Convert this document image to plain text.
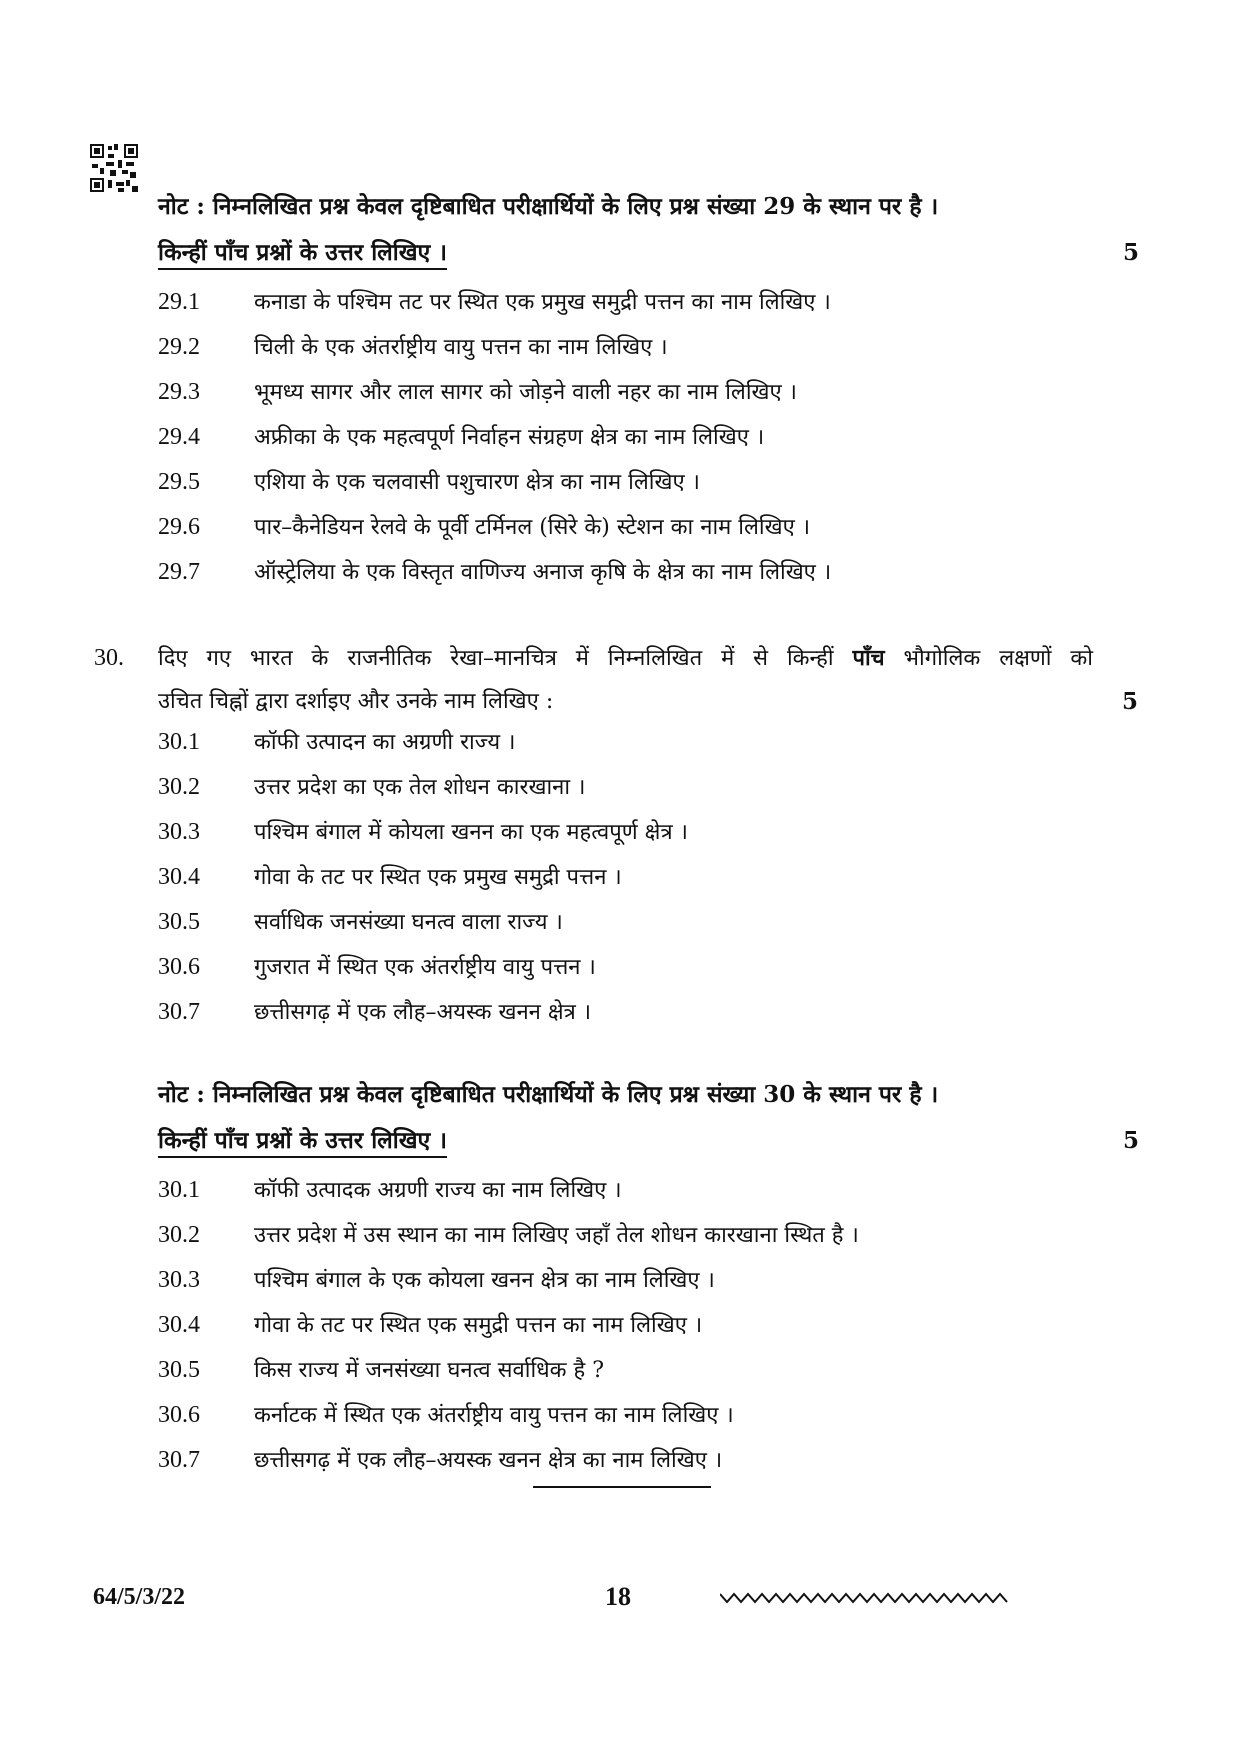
नोट : निम्नलिखित प्रश्न केवल दृष्टिबाधित परीक्षार्थियों के लिए प्रश्न संख्या 29 के स्थान पर है ।
किन्हीं पाँच प्रश्नों के उत्तर लिखिए ।	5
29.1	कनाडा के पश्चिम तट पर स्थित एक प्रमुख समुद्री पत्तन का नाम लिखिए ।
29.2	चिली के एक अंतर्राष्ट्रीय वायु पत्तन का नाम लिखिए ।
29.3	भूमध्य सागर और लाल सागर को जोड़ने वाली नहर का नाम लिखिए ।
29.4	अफ्रीका के एक महत्वपूर्ण निर्वाहन संग्रहण क्षेत्र का नाम लिखिए ।
29.5	एशिया के एक चलवासी पशुचारण क्षेत्र का नाम लिखिए ।
29.6	पार–कैनेडियन रेलवे के पूर्वी टर्मिनल (सिरे के) स्टेशन का नाम लिखिए ।
29.7	ऑस्ट्रेलिया के एक विस्तृत वाणिज्य अनाज कृषि के क्षेत्र का नाम लिखिए ।
30. दिए गए भारत के राजनीतिक रेखा–मानचित्र में निम्नलिखित में से किन्हीं पाँच भौगोलिक लक्षणों को
उचित चिह्नों द्वारा दर्शाइए और उनके नाम लिखिए :	5
30.1	कॉफी उत्पादन का अग्रणी राज्य ।
30.2	उत्तर प्रदेश का एक तेल शोधन कारखाना ।
30.3	पश्चिम बंगाल में कोयला खनन का एक महत्वपूर्ण क्षेत्र ।
30.4	गोवा के तट पर स्थित एक प्रमुख समुद्री पत्तन ।
30.5	सर्वाधिक जनसंख्या घनत्व वाला राज्य ।
30.6	गुजरात में स्थित एक अंतर्राष्ट्रीय वायु पत्तन ।
30.7	छत्तीसगढ़ में एक लौह–अयस्क खनन क्षेत्र ।
नोट : निम्नलिखित प्रश्न केवल दृष्टिबाधित परीक्षार्थियों के लिए प्रश्न संख्या 30 के स्थान पर है ।
किन्हीं पाँच प्रश्नों के उत्तर लिखिए ।	5
30.1	कॉफी उत्पादक अग्रणी राज्य का नाम लिखिए ।
30.2	उत्तर प्रदेश में उस स्थान का नाम लिखिए जहाँ तेल शोधन कारखाना स्थित है ।
30.3	पश्चिम बंगाल के एक कोयला खनन क्षेत्र का नाम लिखिए ।
30.4	गोवा के तट पर स्थित एक समुद्री पत्तन का नाम लिखिए ।
30.5	किस राज्य में जनसंख्या घनत्व सर्वाधिक है ?
30.6	कर्नाटक में स्थित एक अंतर्राष्ट्रीय वायु पत्तन का नाम लिखिए ।
30.7	छत्तीसगढ़ में एक लौह–अयस्क खनन क्षेत्र का नाम लिखिए ।
64/5/3/22	18
